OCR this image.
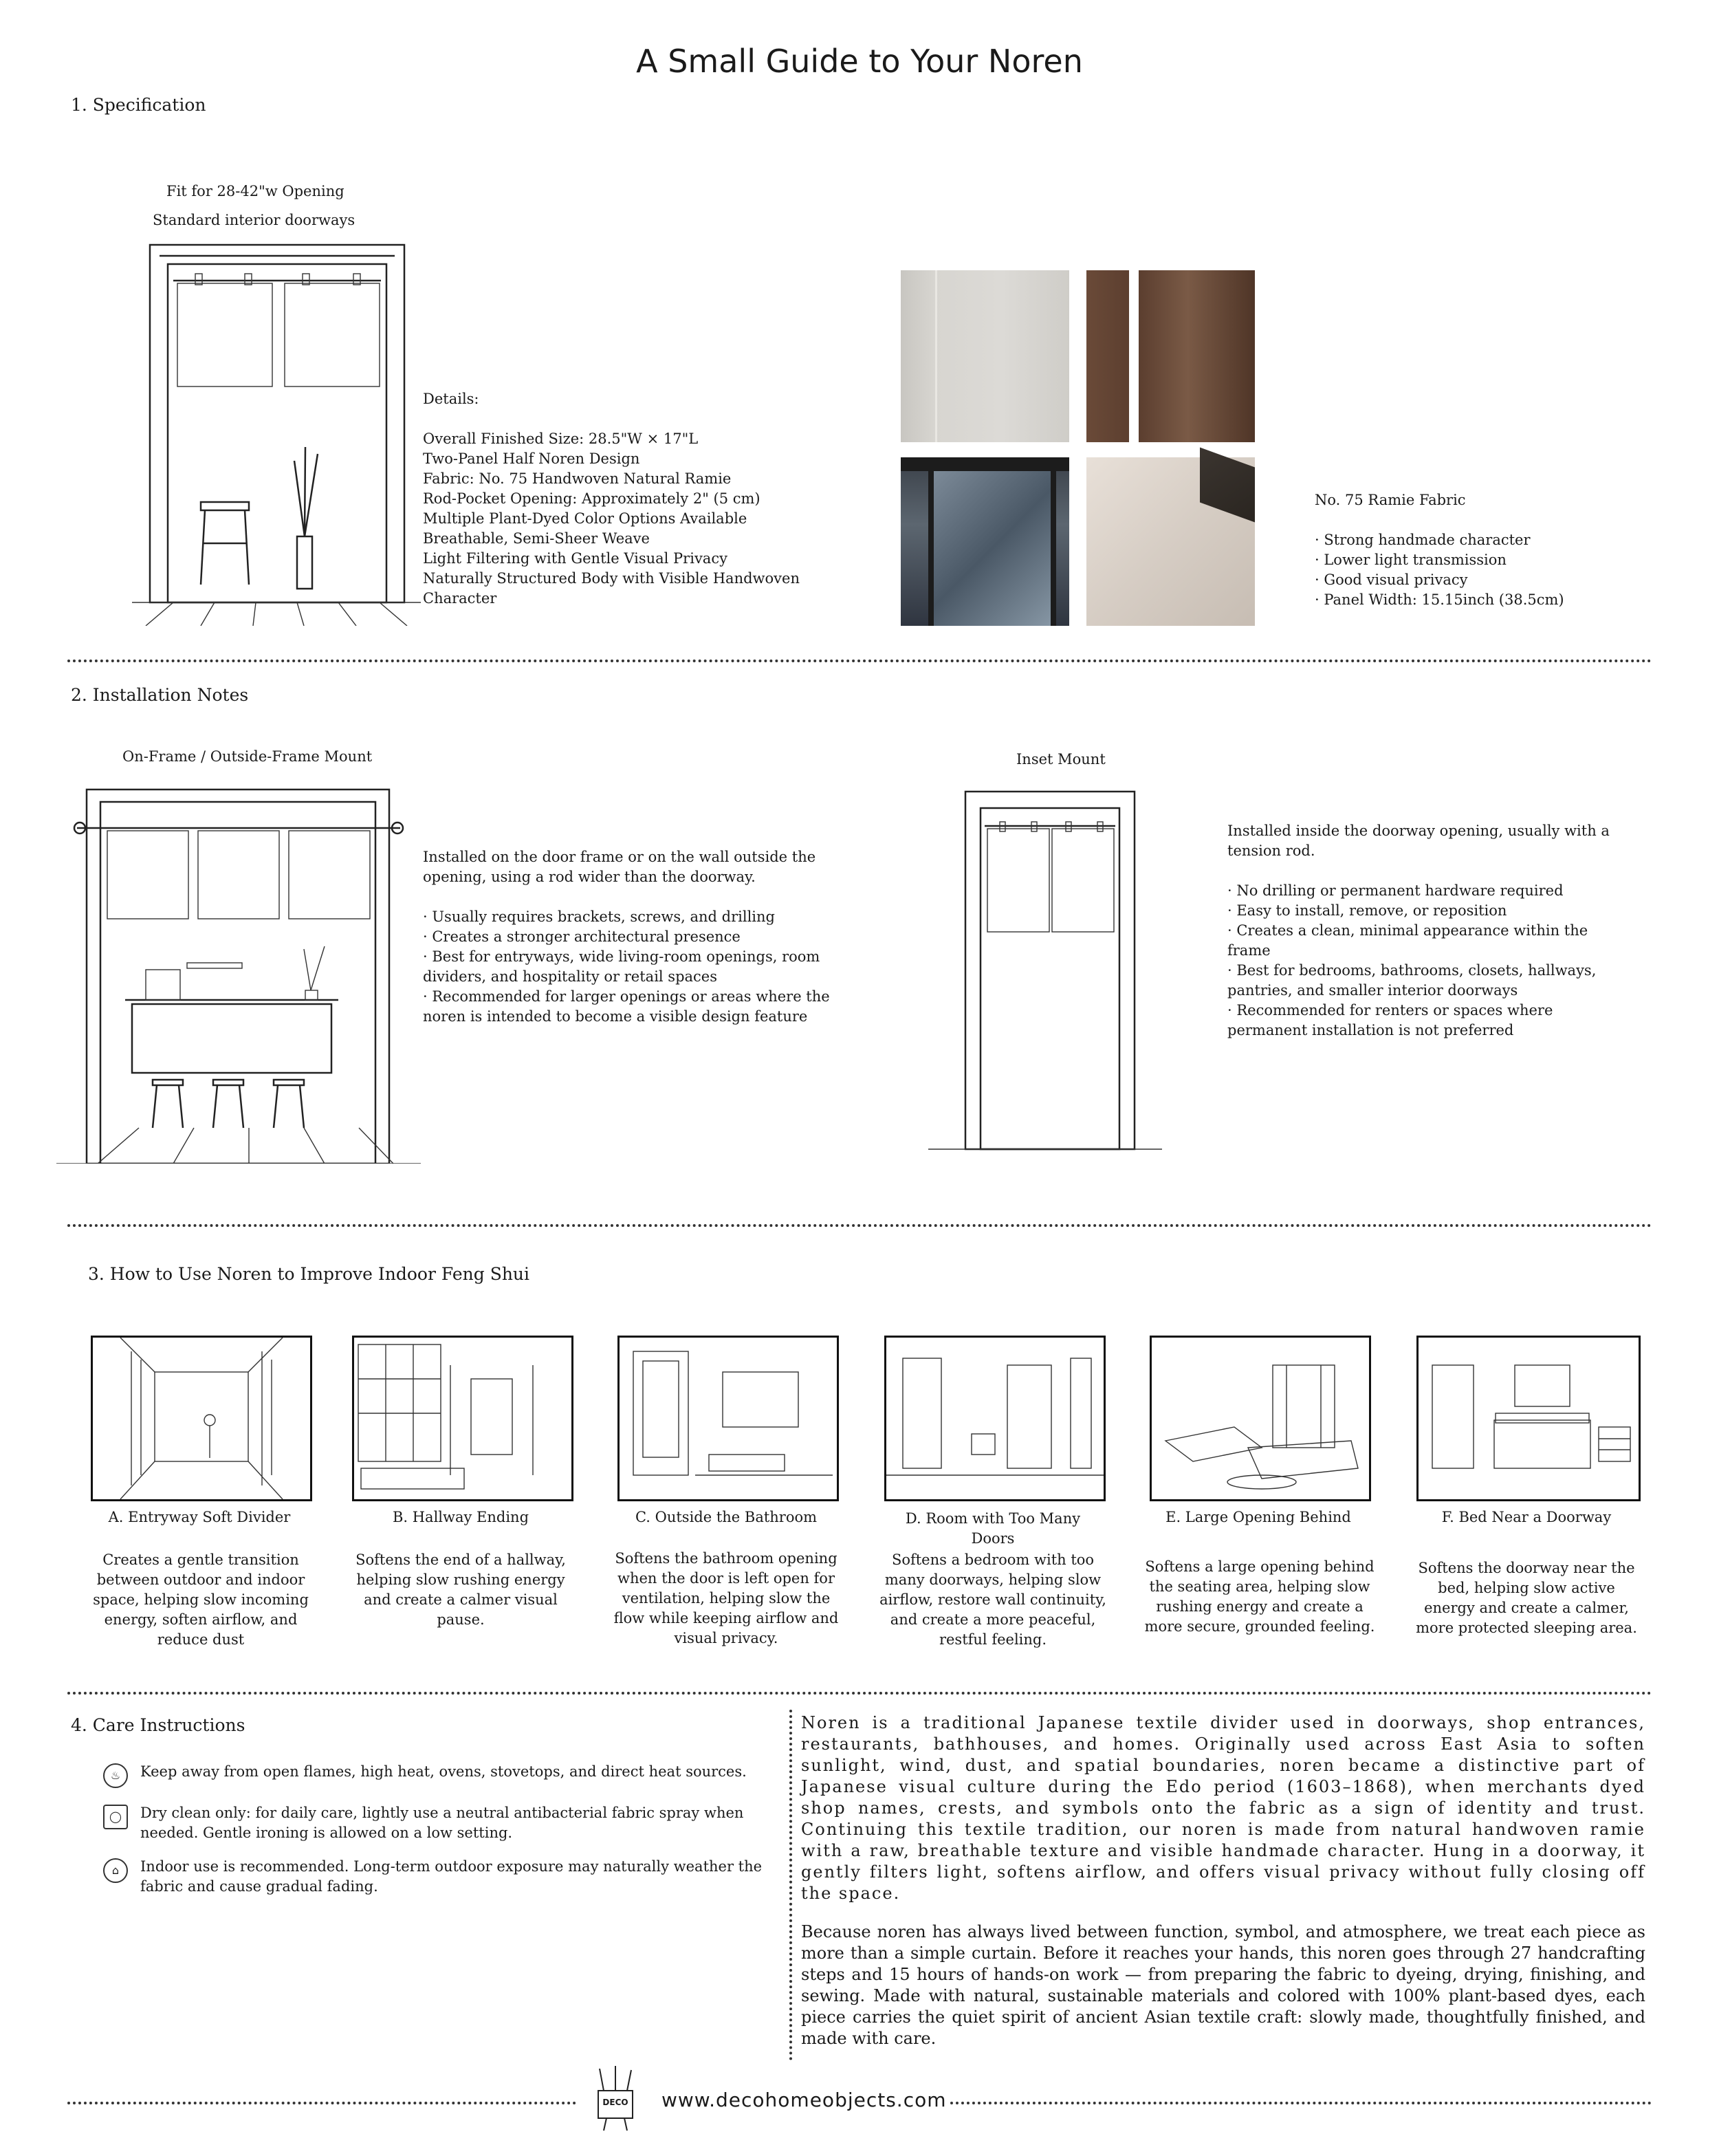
A Small Guide to Your Noren
1. Specification
Fit for 28-42"w Opening
Standard interior doorways
Details:
Overall Finished Size: 28.5"W × 17"L
Two-Panel Half Noren Design
Fabric: No. 75 Handwoven Natural Ramie
Rod-Pocket Opening: Approximately 2" (5 cm)
Multiple Plant-Dyed Color Options Available
Breathable, Semi-Sheer Weave
Light Filtering with Gentle Visual Privacy
Naturally Structured Body with Visible Handwoven
Character
No. 75 Ramie Fabric
· Strong handmade character
· Lower light transmission
· Good visual privacy
· Panel Width: 15.15inch (38.5cm)
2. Installation Notes
On-Frame / Outside-Frame Mount
Installed on the door frame or on the wall outside the
opening, using a rod wider than the doorway.
· Usually requires brackets, screws, and drilling
· Creates a stronger architectural presence
· Best for entryways, wide living-room openings, room
dividers, and hospitality or retail spaces
· Recommended for larger openings or areas where the
noren is intended to become a visible design feature
Inset Mount
Installed inside the doorway opening, usually with a
tension rod.
· No drilling or permanent hardware required
· Easy to install, remove, or reposition
· Creates a clean, minimal appearance within the
frame
· Best for bedrooms, bathrooms, closets, hallways,
pantries, and smaller interior doorways
· Recommended for renters or spaces where
permanent installation is not preferred
3. How to Use Noren to Improve Indoor Feng Shui
A. Entryway Soft Divider
Creates a gentle transition between outdoor and indoor space, helping slow incoming energy, soften airflow, and reduce dust
B. Hallway Ending
Softens the end of a hallway, helping slow rushing energy and create a calmer visual pause.
C. Outside the Bathroom
Softens the bathroom opening when the door is left open for ventilation, helping slow the flow while keeping airflow and visual privacy.
D. Room with Too Many Doors
Softens a bedroom with too many doorways, helping slow airflow, restore wall continuity, and create a more peaceful, restful feeling.
E. Large Opening Behind
Softens a large opening behind the seating area, helping slow rushing energy and create a more secure, grounded feeling.
F. Bed Near a Doorway
Softens the doorway near the bed, helping slow active energy and create a calmer, more protected sleeping area.
4. Care Instructions
♨	Keep away from open flames, high heat, ovens, stovetops, and direct heat sources.
◯	Dry clean only: for daily care, lightly use a neutral antibacterial fabric spray when needed. Gentle ironing is allowed on a low setting.
⌂	Indoor use is recommended. Long-term outdoor exposure may naturally weather the fabric and cause gradual fading.
Noren is a traditional Japanese textile divider used in doorways, shop entrances, restaurants, bathhouses, and homes. Originally used across East Asia to soften sunlight, wind, dust, and spatial boundaries, noren became a distinctive part of Japanese visual culture during the Edo period (1603–1868), when merchants dyed shop names, crests, and symbols onto the fabric as a sign of identity and trust. Continuing this textile tradition, our noren is made from natural handwoven ramie with a raw, breathable texture and visible handmade character. Hung in a doorway, it gently filters light, softens airflow, and offers visual privacy without fully closing off the space.
Because noren has always lived between function, symbol, and atmosphere, we treat each piece as more than a simple curtain. Before it reaches your hands, this noren goes through 27 handcrafting steps and 15 hours of hands-on work — from preparing the fabric to dyeing, drying, finishing, and sewing. Made with natural, sustainable materials and colored with 100% plant-based dyes, each piece carries the quiet spirit of ancient Asian textile craft: slowly made, thoughtfully finished, and made with care.
DECO www.decohomeobjects.com
